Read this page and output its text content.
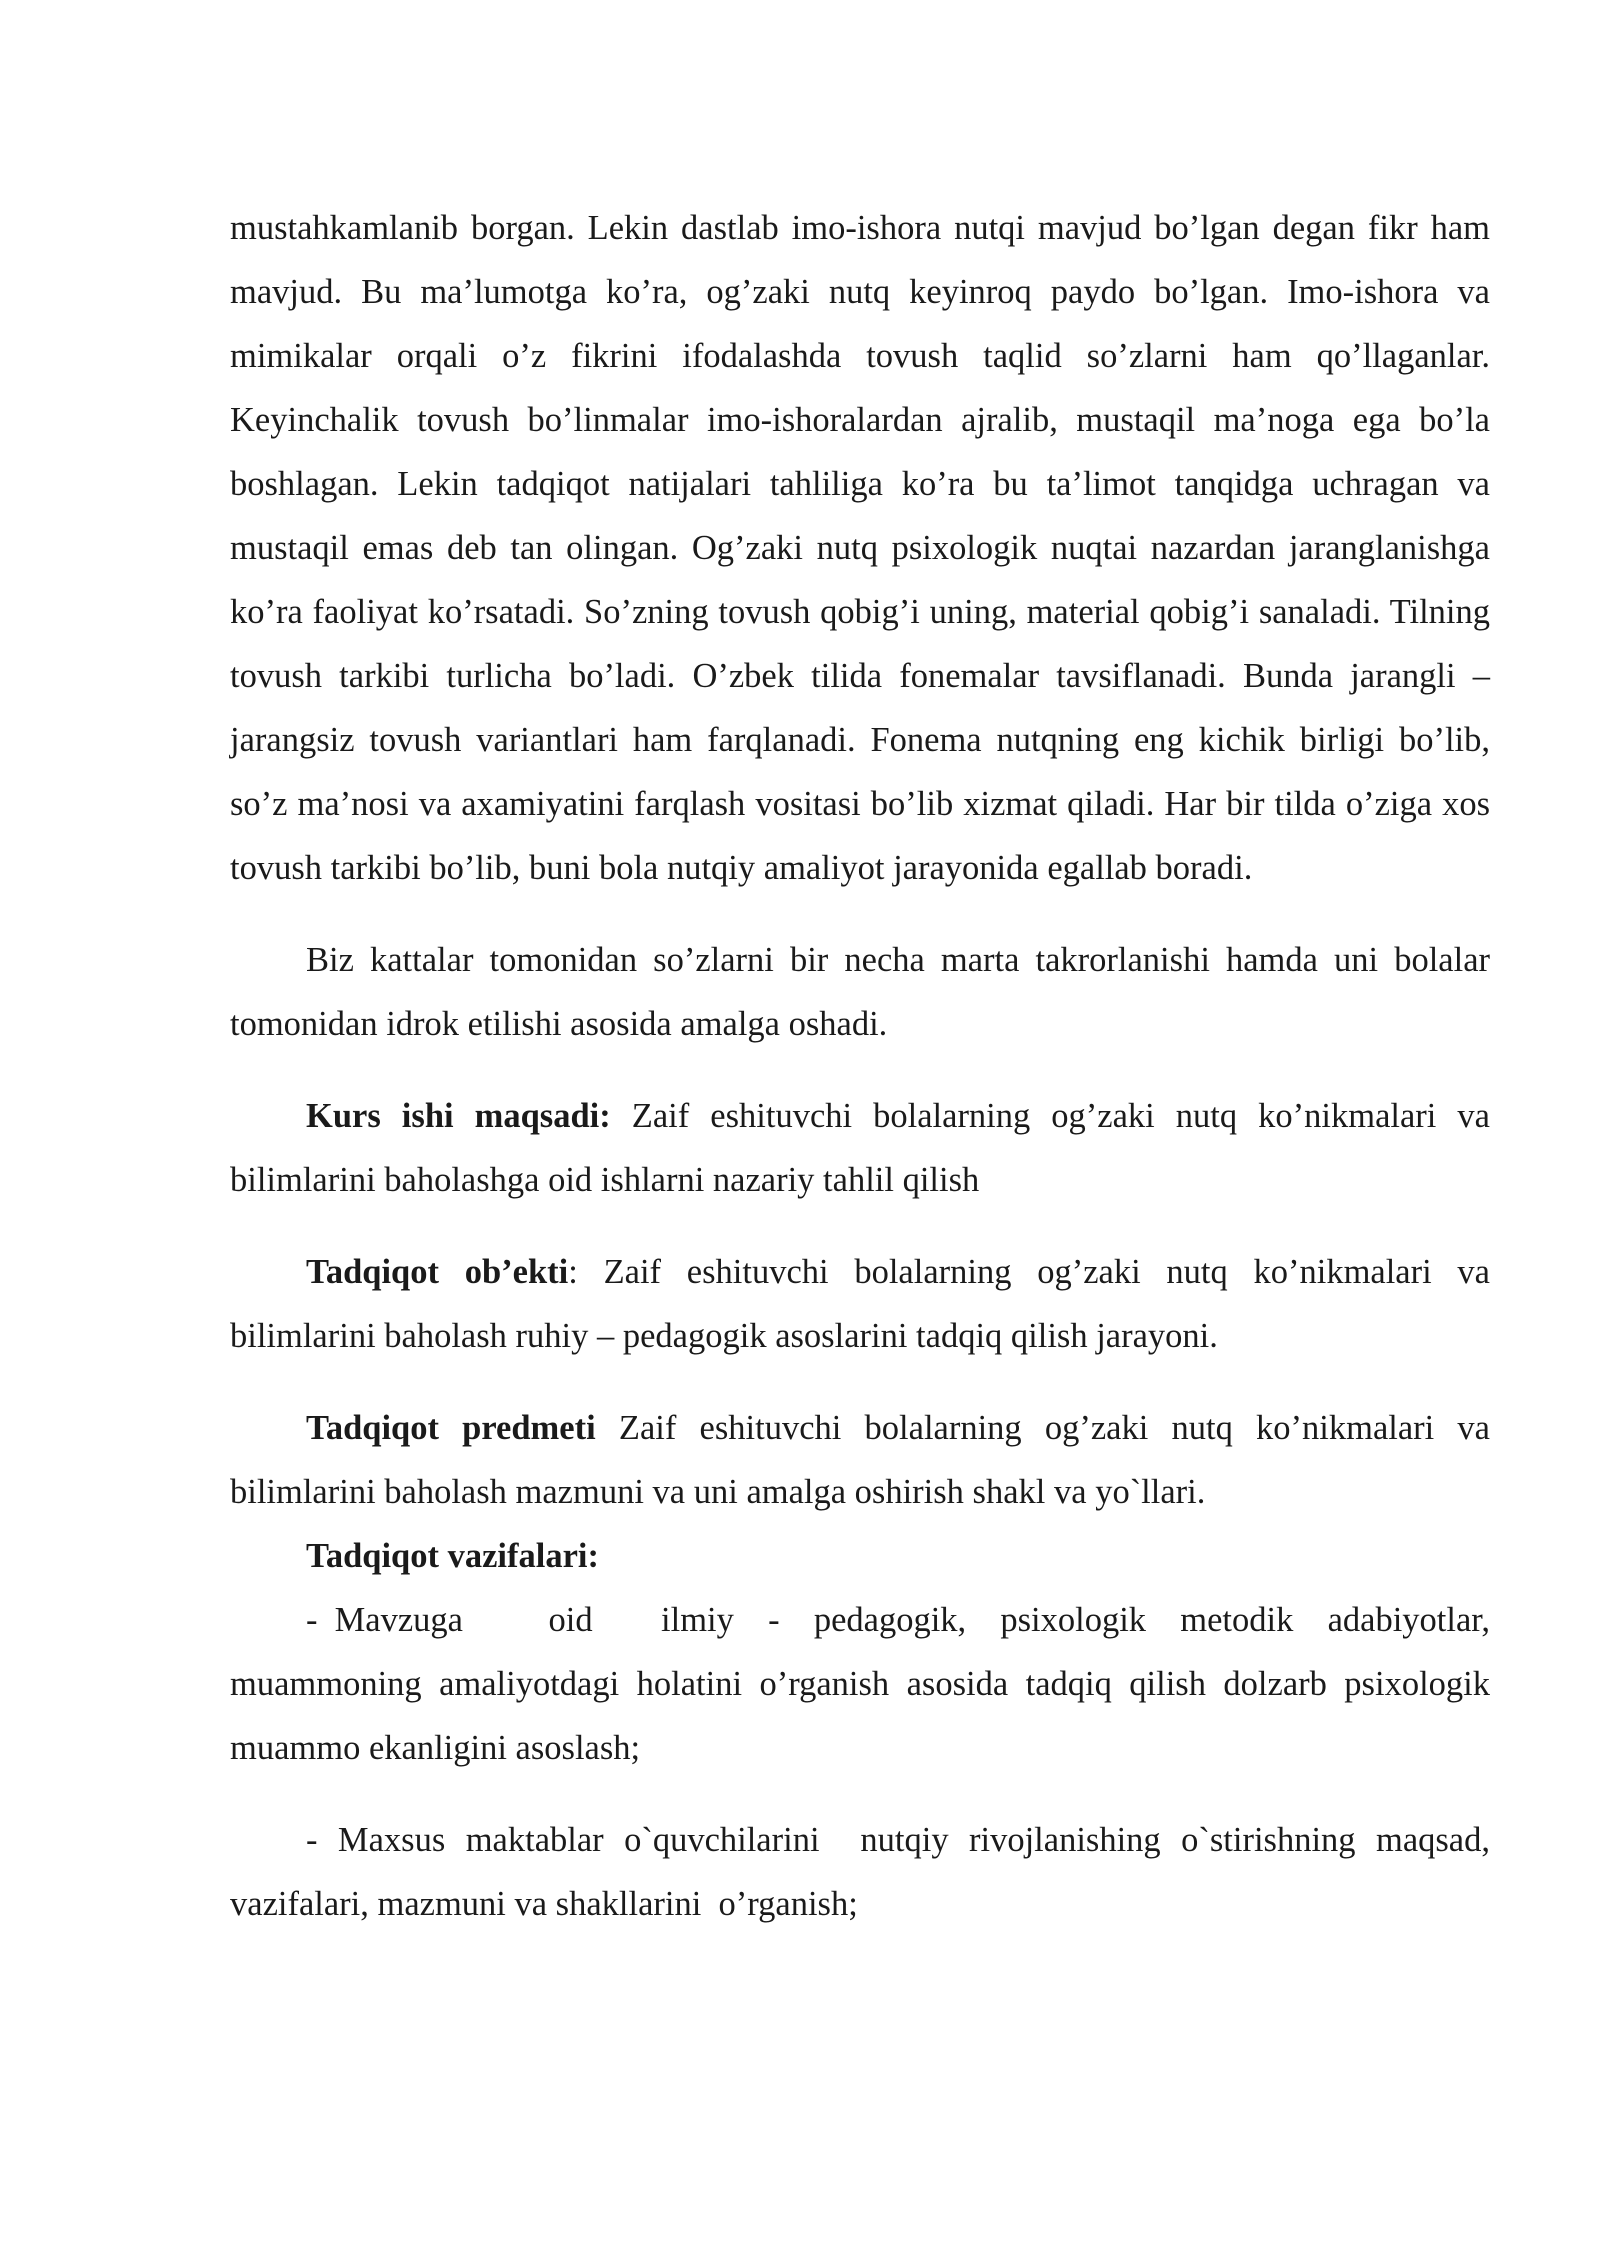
mustahkamlanib borgan. Lekin dastlab imo-ishora nutqi mavjud bo’lgan degan fikr ham mavjud. Bu ma’lumotga ko’ra, og’zaki nutq keyinroq paydo bo’lgan. Imo-ishora va mimikalar orqali o’z fikrini ifodalashda tovush taqlid so’zlarni ham qo’llaganlar. Keyinchalik tovush bo’linmalar imo-ishoralardan ajralib, mustaqil ma’noga ega bo’la boshlagan. Lekin tadqiqot natijalari tahliliga ko’ra bu ta’limot tanqidga uchragan va mustaqil emas deb tan olingan. Og’zaki nutq psixologik nuqtai nazardan jaranglanishga ko’ra faoliyat ko’rsatadi. So’zning tovush qobig’i uning, material qobig’i sanaladi. Tilning tovush tarkibi turlicha bo’ladi. O’zbek tilida fonemalar tavsiflanadi. Bunda jarangli – jarangsiz tovush variantlari ham farqlanadi. Fonema nutqning eng kichik birligi bo’lib, so’z ma’nosi va axamiyatini farqlash vositasi bo’lib xizmat qiladi. Har bir tilda o’ziga xos tovush tarkibi bo’lib, buni bola nutqiy amaliyot jarayonida egallab boradi.

Biz kattalar tomonidan so’zlarni bir necha marta takrorlanishi hamda uni bolalar tomonidan idrok etilishi asosida amalga oshadi.

Kurs ishi maqsadi: Zaif eshituvchi bolalarning og’zaki nutq ko’nikmalari va bilimlarini baholashga oid ishlarni nazariy tahlil qilish

Tadqiqot ob’ekti: Zaif eshituvchi bolalarning og’zaki nutq ko’nikmalari va bilimlarini baholash ruhiy – pedagogik asoslarini tadqiq qilish jarayoni.

Tadqiqot predmeti Zaif eshituvchi bolalarning og’zaki nutq ko’nikmalari va bilimlarini baholash mazmuni va uni amalga oshirish shakl va yo`llari.

Tadqiqot vazifalari:

- Mavzuga     oid    ilmiy  -  pedagogik,  psixologik  metodik  adabiyotlar, muammoning amaliyotdagi holatini o’rganish asosida tadqiq qilish dolzarb psixologik muammo ekanligini asoslash;

- Maxsus maktablar o`quvchilarini  nutqiy rivojlanishing o`stirishning maqsad, vazifalari, mazmuni va shakllarini  o’rganish;
